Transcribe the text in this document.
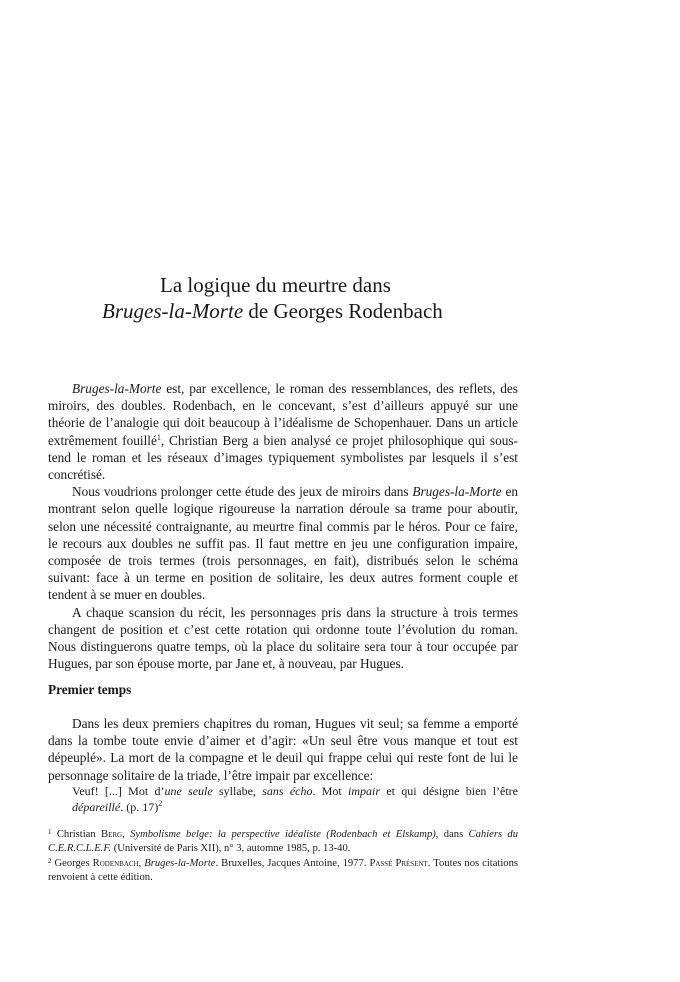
La logique du meurtre dans
Bruges-la-Morte de Georges Rodenbach

Bruges-la-Morte est, par excellence, le roman des ressemblances, des reflets, des miroirs, des doubles. Rodenbach, en le concevant, s’est d’ailleurs appuyé sur une théorie de l’analogie qui doit beaucoup à l’idéalisme de Schopenhauer. Dans un article extrêmement fouillé$^1$, Christian Berg a bien analysé ce projet philosophique qui sous-tend le roman et les réseaux d’images typiquement symbolistes par lesquels il s’est concrétisé.

Nous voudrions prolonger cette étude des jeux de miroirs dans Bruges-la-Morte en montrant selon quelle logique rigoureuse la narration déroule sa trame pour aboutir, selon une nécessité contraignante, au meurtre final commis par le héros. Pour ce faire, le recours aux doubles ne suffit pas. Il faut mettre en jeu une configuration impaire, composée de trois termes (trois personnages, en fait), distribués selon le schéma suivant: face à un terme en position de solitaire, les deux autres forment couple et tendent à se muer en doubles.

A chaque scansion du récit, les personnages pris dans la structure à trois termes changent de position et c’est cette rotation qui ordonne toute l’évolution du roman. Nous distinguerons quatre temps, où la place du solitaire sera tour à tour occupée par Hugues, par son épouse morte, par Jane et, à nouveau, par Hugues.

Premier temps

Dans les deux premiers chapitres du roman, Hugues vit seul; sa femme a emporté dans la tombe toute envie d’aimer et d’agir: «Un seul être vous manque et tout est dépeuplé». La mort de la compagne et le deuil qui frappe celui qui reste font de lui le personnage solitaire de la triade, l’être impair par excellence:

Veuf! [...] Mot d’une seule syllabe, sans écho. Mot impair et qui désigne bien l’être dépareillé. (p. 17)$^2$

$^1$ Christian Berg, Symbolisme belge: la perspective idéaliste (Rodenbach et Elskamp), dans Cahiers du C.E.R.C.L.E.F. (Université de Paris XII), n° 3, automne 1985, p. 13-40.

$^2$ Georges Rodenbach, Bruges-la-Morte. Bruxelles, Jacques Antoine, 1977. Passé Présent. Toutes nos citations renvoient à cette édition.
